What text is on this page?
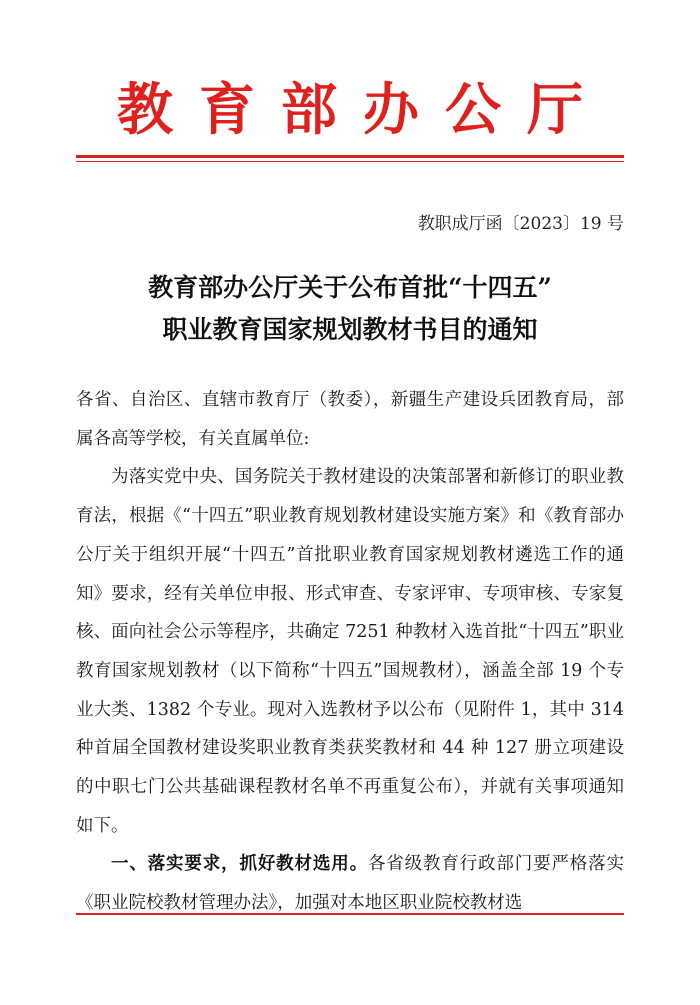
教育部办公厅
教职成厅函〔2023〕19 号
教育部办公厅关于公布首批“十四五”
职业教育国家规划教材书目的通知

各省、自治区、直辖市教育厅（教委），新疆生产建设兵团教育局，部属各高等学校，有关直属单位:

为落实党中央、国务院关于教材建设的决策部署和新修订的职业教育法，根据《“十四五”职业教育规划教材建设实施方案》和《教育部办公厅关于组织开展“十四五”首批职业教育国家规划教材遴选工作的通知》要求，经有关单位申报、形式审查、专家评审、专项审核、专家复核、面向社会公示等程序，共确定 7251 种教材入选首批“十四五”职业教育国家规划教材（以下简称“十四五”国规教材），涵盖全部 19 个专业大类、1382 个专业。现对入选教材予以公布（见附件 1，其中 314 种首届全国教材建设奖职业教育类获奖教材和 44 种 127 册立项建设的中职七门公共基础课程教材名单不再重复公布），并就有关事项通知如下。

一、落实要求，抓好教材选用。各省级教育行政部门要严格落实《职业院校教材管理办法》，加强对本地区职业院校教材选
